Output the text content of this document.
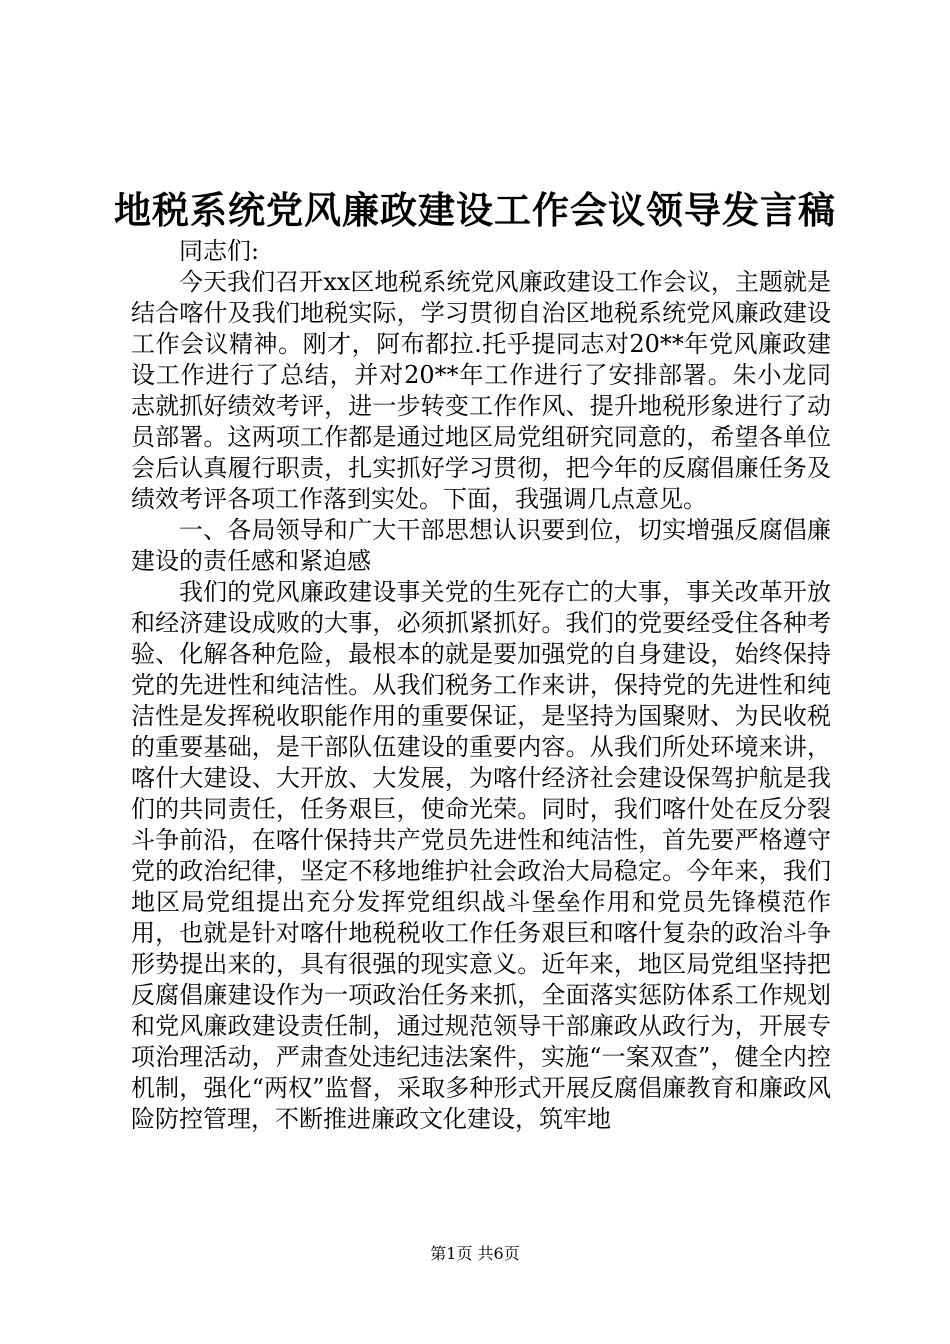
地税系统党风廉政建设工作会议领导发言稿

同志们:

今天我们召开xx区地税系统党风廉政建设工作会议，主题就是结合喀什及我们地税实际，学习贯彻自治区地税系统党风廉政建设工作会议精神。刚才，阿布都拉.托乎提同志对20**年党风廉政建设工作进行了总结，并对20**年工作进行了安排部署。朱小龙同志就抓好绩效考评，进一步转变工作作风、提升地税形象进行了动员部署。这两项工作都是通过地区局党组研究同意的，希望各单位会后认真履行职责，扎实抓好学习贯彻，把今年的反腐倡廉任务及绩效考评各项工作落到实处。下面，我强调几点意见。

一、各局领导和广大干部思想认识要到位，切实增强反腐倡廉建设的责任感和紧迫感

我们的党风廉政建设事关党的生死存亡的大事，事关改革开放和经济建设成败的大事，必须抓紧抓好。我们的党要经受住各种考验、化解各种危险，最根本的就是要加强党的自身建设，始终保持党的先进性和纯洁性。从我们税务工作来讲，保持党的先进性和纯洁性是发挥税收职能作用的重要保证，是坚持为国聚财、为民收税的重要基础，是干部队伍建设的重要内容。从我们所处环境来讲，喀什大建设、大开放、大发展，为喀什经济社会建设保驾护航是我们的共同责任，任务艰巨，使命光荣。同时，我们喀什处在反分裂斗争前沿，在喀什保持共产党员先进性和纯洁性，首先要严格遵守党的政治纪律，坚定不移地维护社会政治大局稳定。今年来，我们地区局党组提出充分发挥党组织战斗堡垒作用和党员先锋模范作用，也就是针对喀什地税税收工作任务艰巨和喀什复杂的政治斗争形势提出来的，具有很强的现实意义。近年来，地区局党组坚持把反腐倡廉建设作为一项政治任务来抓，全面落实惩防体系工作规划和党风廉政建设责任制，通过规范领导干部廉政从政行为，开展专项治理活动，严肃查处违纪违法案件，实施“一案双查”，健全内控机制，强化“两权”监督，采取多种形式开展反腐倡廉教育和廉政风险防控管理，不断推进廉政文化建设，筑牢地

第1页 共6页
